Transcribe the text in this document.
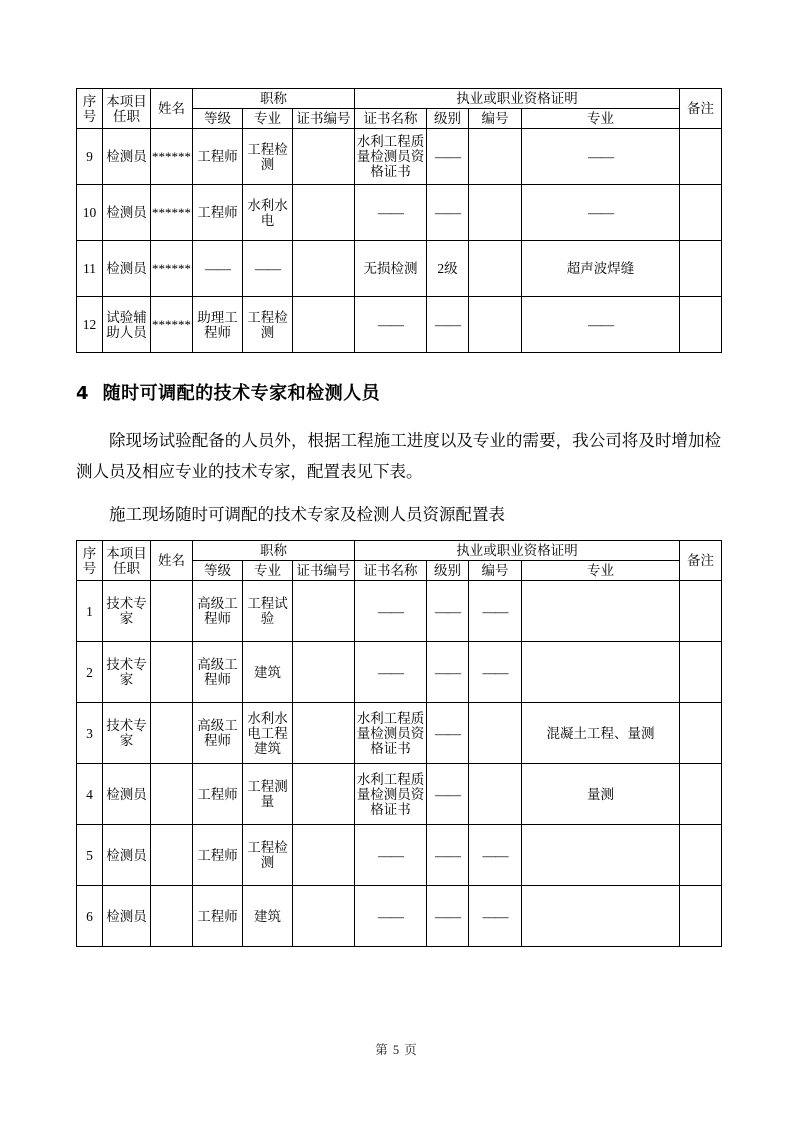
序号	本项目任职	姓名	职称			执业或职业资格证明				备注
			等级	专业	证书编号	证书名称	级别	编号	专业	
9	检测员	******	工程师	工程检测		水利工程质量检测员资格证书	——		——	
10	检测员	******	工程师	水利水电		——	——		——	
11	检测员	******	——	——		无损检测	2级		超声波焊缝	
12	试验辅助人员	******	助理工程师	工程检测		——	——		——	
4 随时可调配的技术专家和检测人员

除现场试验配备的人员外，根据工程施工进度以及专业的需要，我公司将及时增加检测人员及相应专业的技术专家，配置表见下表。

施工现场随时可调配的技术专家及检测人员资源配置表

序号	本项目任职	姓名	职称			执业或职业资格证明				备注
			等级	专业	证书编号	证书名称	级别	编号	专业	
1	技术专家		高级工程师	工程试验		——	——	——		
2	技术专家		高级工程师	建筑		——	——	——		
3	技术专家		高级工程师	水利水电工程建筑		水利工程质量检测员资格证书	——		混凝土工程、量测	
4	检测员		工程师	工程测量		水利工程质量检测员资格证书	——		量测	
5	检测员		工程师	工程检测		——	——	——		
6	检测员		工程师	建筑		——	——	——		
第 5 页
